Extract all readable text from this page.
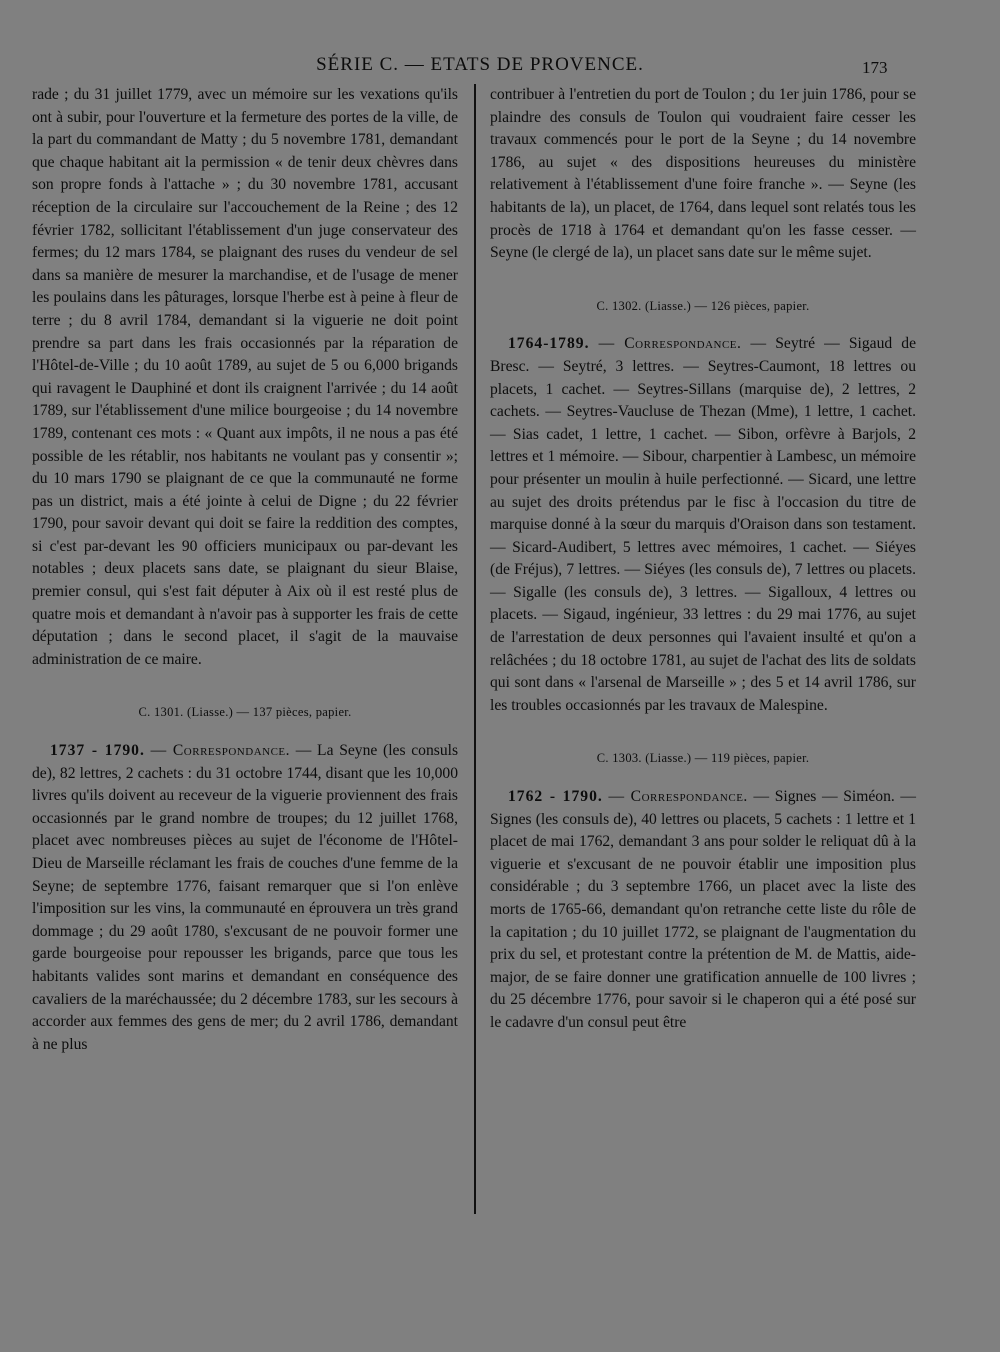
SÉRIE C. — ETATS DE PROVENCE.	173

rade ; du 31 juillet 1779, avec un mémoire sur les vexations qu'ils ont à subir, pour l'ouverture et la fermeture des portes de la ville, de la part du commandant de Matty ; du 5 novembre 1781, demandant que chaque habitant ait la permission « de tenir deux chèvres dans son propre fonds à l'attache » ; du 30 novembre 1781, accusant réception de la circulaire sur l'accouchement de la Reine ; des 12 février 1782, sollicitant l'établissement d'un juge conservateur des fermes; du 12 mars 1784, se plaignant des ruses du vendeur de sel dans sa manière de mesurer la marchandise, et de l'usage de mener les poulains dans les pâturages, lorsque l'herbe est à peine à fleur de terre ; du 8 avril 1784, demandant si la viguerie ne doit point prendre sa part dans les frais occasionnés par la réparation de l'Hôtel-de-Ville ; du 10 août 1789, au sujet de 5 ou 6,000 brigands qui ravagent le Dauphiné et dont ils craignent l'arrivée ; du 14 août 1789, sur l'établissement d'une milice bourgeoise ; du 14 novembre 1789, contenant ces mots : « Quant aux impôts, il ne nous a pas été possible de les rétablir, nos habitants ne voulant pas y consentir »; du 10 mars 1790 se plaignant de ce que la communauté ne forme pas un district, mais a été jointe à celui de Digne ; du 22 février 1790, pour savoir devant qui doit se faire la reddition des comptes, si c'est par-devant les 90 officiers municipaux ou par-devant les notables ; deux placets sans date, se plaignant du sieur Blaise, premier consul, qui s'est fait députer à Aix où il est resté plus de quatre mois et demandant à n'avoir pas à supporter les frais de cette députation ; dans le second placet, il s'agit de la mauvaise administration de ce maire.

C. 1301. (Liasse.) — 137 pièces, papier.

1737 - 1790. — Correspondance. — La Seyne (les consuls de), 82 lettres, 2 cachets : du 31 octobre 1744, disant que les 10,000 livres qu'ils doivent au receveur de la viguerie proviennent des frais occasionnés par le grand nombre de troupes; du 12 juillet 1768, placet avec nombreuses pièces au sujet de l'économe de l'Hôtel-Dieu de Marseille réclamant les frais de couches d'une femme de la Seyne; de septembre 1776, faisant remarquer que si l'on enlève l'imposition sur les vins, la communauté en éprouvera un très grand dommage ; du 29 août 1780, s'excusant de ne pouvoir former une garde bourgeoise pour repousser les brigands, parce que tous les habitants valides sont marins et demandant en conséquence des cavaliers de la maréchaussée; du 2 décembre 1783, sur les secours à accorder aux femmes des gens de mer; du 2 avril 1786, demandant à ne plus

contribuer à l'entretien du port de Toulon ; du 1er juin 1786, pour se plaindre des consuls de Toulon qui voudraient faire cesser les travaux commencés pour le port de la Seyne ; du 14 novembre 1786, au sujet « des dispositions heureuses du ministère relativement à l'établissement d'une foire franche ». — Seyne (les habitants de la), un placet, de 1764, dans lequel sont relatés tous les procès de 1718 à 1764 et demandant qu'on les fasse cesser. — Seyne (le clergé de la), un placet sans date sur le même sujet.

C. 1302. (Liasse.) — 126 pièces, papier.

1764-1789. — Correspondance. — Seytré — Sigaud de Bresc. — Seytré, 3 lettres. — Seytres-Caumont, 18 lettres ou placets, 1 cachet. — Seytres-Sillans (marquise de), 2 lettres, 2 cachets. — Seytres-Vaucluse de Thezan (Mme), 1 lettre, 1 cachet. — Sias cadet, 1 lettre, 1 cachet. — Sibon, orfèvre à Barjols, 2 lettres et 1 mémoire. — Sibour, charpentier à Lambesc, un mémoire pour présenter un moulin à huile perfectionné. — Sicard, une lettre au sujet des droits prétendus par le fisc à l'occasion du titre de marquise donné à la sœur du marquis d'Oraison dans son testament. — Sicard-Audibert, 5 lettres avec mémoires, 1 cachet. — Siéyes (de Fréjus), 7 lettres. — Siéyes (les consuls de), 7 lettres ou placets. — Sigalle (les consuls de), 3 lettres. — Sigalloux, 4 lettres ou placets. — Sigaud, ingénieur, 33 lettres : du 29 mai 1776, au sujet de l'arrestation de deux personnes qui l'avaient insulté et qu'on a relâchées ; du 18 octobre 1781, au sujet de l'achat des lits de soldats qui sont dans « l'arsenal de Marseille » ; des 5 et 14 avril 1786, sur les troubles occasionnés par les travaux de Malespine.

C. 1303. (Liasse.) — 119 pièces, papier.

1762 - 1790. — Correspondance. — Signes — Siméon. — Signes (les consuls de), 40 lettres ou placets, 5 cachets : 1 lettre et 1 placet de mai 1762, demandant 3 ans pour solder le reliquat dû à la viguerie et s'excusant de ne pouvoir établir une imposition plus considérable ; du 3 septembre 1766, un placet avec la liste des morts de 1765-66, demandant qu'on retranche cette liste du rôle de la capitation ; du 10 juillet 1772, se plaignant de l'augmentation du prix du sel, et protestant contre la prétention de M. de Mattis, aide-major, de se faire donner une gratification annuelle de 100 livres ; du 25 décembre 1776, pour savoir si le chaperon qui a été posé sur le cadavre d'un consul peut être
